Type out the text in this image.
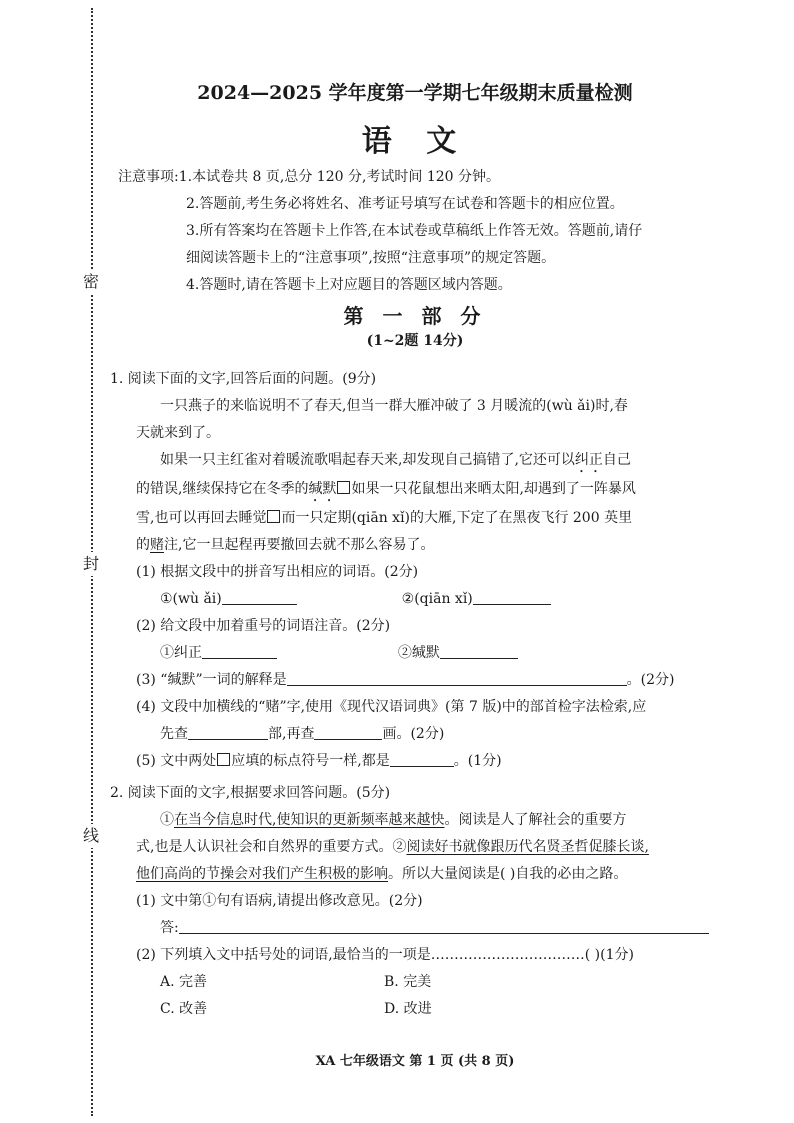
密
封
线
2024—2025 学年度第一学期七年级期末质量检测
语 文
注意事项:1.本试卷共 8 页,总分 120 分,考试时间 120 分钟。
2.答题前,考生务必将姓名、准考证号填写在试卷和答题卡的相应位置。
3.所有答案均在答题卡上作答,在本试卷或草稿纸上作答无效。答题前,请仔
细阅读答题卡上的“注意事项”,按照“注意事项”的规定答题。
4.答题时,请在答题卡上对应题目的答题区域内答题。
第 一 部 分
(1~2题 14分)
1. 阅读下面的文字,回答后面的问题。(9分)
一只燕子的来临说明不了春天,但当一群大雁冲破了 3 月暖流的(wù ǎi)时,春
天就来到了。
如果一只主红雀对着暖流歌唱起春天来,却发现自己搞错了,它还可以纠正自己
的错误,继续保持它在冬季的缄默 如果一只花鼠想出来晒太阳,却遇到了一阵暴风
雪,也可以再回去睡觉 而一只定期(qiān xǐ)的大雁,下定了在黑夜飞行 200 英里
的赌注,它一旦起程再要撤回去就不那么容易了。
(1) 根据文段中的拼音写出相应的词语。(2分)
①(wù ǎi)	②(qiān xǐ)
(2) 给文段中加着重号的词语注音。(2分)
①纠正	②缄默
(3) “缄默”一词的解释是	。(2分)
(4) 文段中加横线的“赌”字,使用《现代汉语词典》(第 7 版)中的部首检字法检索,应
先查	部,再查	画。(2分)
(5) 文中两处 应填的标点符号一样,都是	。(1分)
2. 阅读下面的文字,根据要求回答问题。(5分)
①在当今信息时代,使知识的更新频率越来越快。阅读是人了解社会的重要方
式,也是人认识社会和自然界的重要方式。②阅读好书就像跟历代名贤圣哲促膝长谈,
他们高尚的节操会对我们产生积极的影响。所以大量阅读是( )自我的必由之路。
(1) 文中第①句有语病,请提出修改意见。(2分)
答:
(2) 下列填入文中括号处的词语,最恰当的一项是……………………………( )(1分)
A. 完善	B. 完美
C. 改善	D. 改进
XA 七年级语文 第 1 页 (共 8 页)
